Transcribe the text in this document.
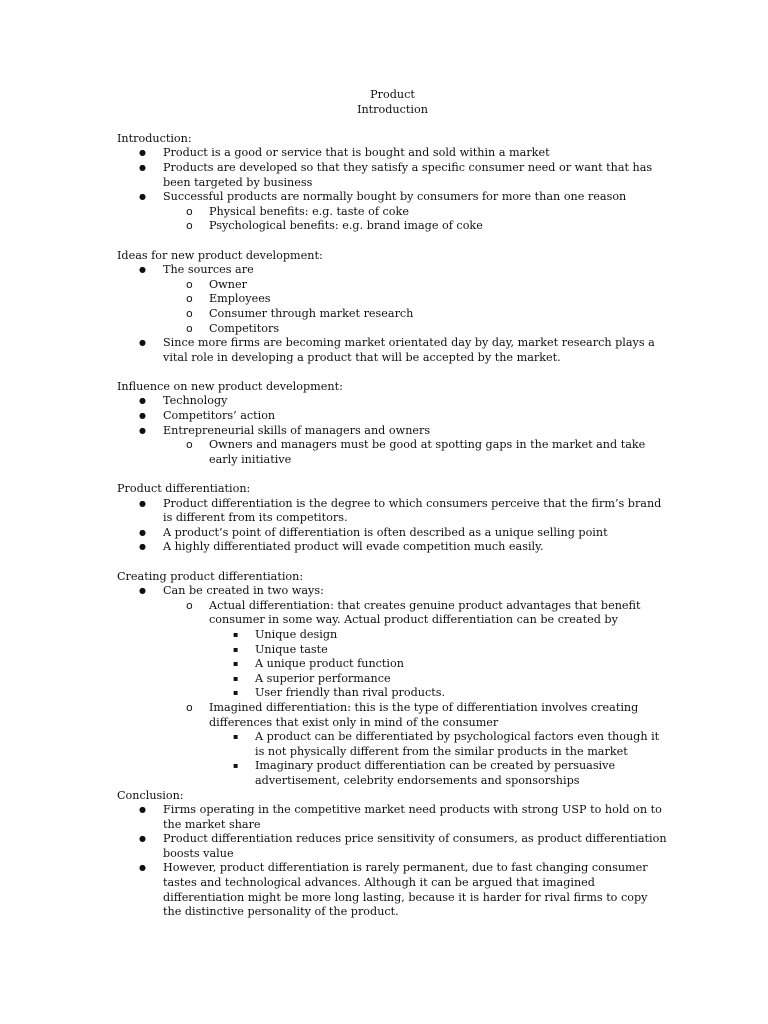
Product
Introduction
Introduction:
● Product is a good or service that is bought and sold within a market
● Products are developed so that they satisfy a specific consumer need or want that has been targeted by business
● Successful products are normally bought by consumers for more than one reason
o Physical benefits: e.g. taste of coke
o Psychological benefits: e.g. brand image of coke
Ideas for new product development:
● The sources are
o Owner
o Employees
o Consumer through market research
o Competitors
● Since more firms are becoming market orientated day by day, market research plays a vital role in developing a product that will be accepted by the market.
Influence on new product development:
● Technology
● Competitors’ action
● Entrepreneurial skills of managers and owners
o Owners and managers must be good at spotting gaps in the market and take early initiative
Product differentiation:
● Product differentiation is the degree to which consumers perceive that the firm’s brand is different from its competitors.
● A product’s point of differentiation is often described as a unique selling point
● A highly differentiated product will evade competition much easily.
Creating product differentiation:
● Can be created in two ways:
o Actual differentiation: that creates genuine product advantages that benefit consumer in some way. Actual product differentiation can be created by
▪ Unique design
▪ Unique taste
▪ A unique product function
▪ A superior performance
▪ User friendly than rival products.
o Imagined differentiation: this is the type of differentiation involves creating differences that exist only in mind of the consumer
▪ A product can be differentiated by psychological factors even though it is not physically different from the similar products in the market
▪ Imaginary product differentiation can be created by persuasive advertisement, celebrity endorsements and sponsorships
Conclusion:
● Firms operating in the competitive market need products with strong USP to hold on to the market share
● Product differentiation reduces price sensitivity of consumers, as product differentiation boosts value
● However, product differentiation is rarely permanent, due to fast changing consumer tastes and technological advances. Although it can be argued that imagined differentiation might be more long lasting, because it is harder for rival firms to copy the distinctive personality of the product.
